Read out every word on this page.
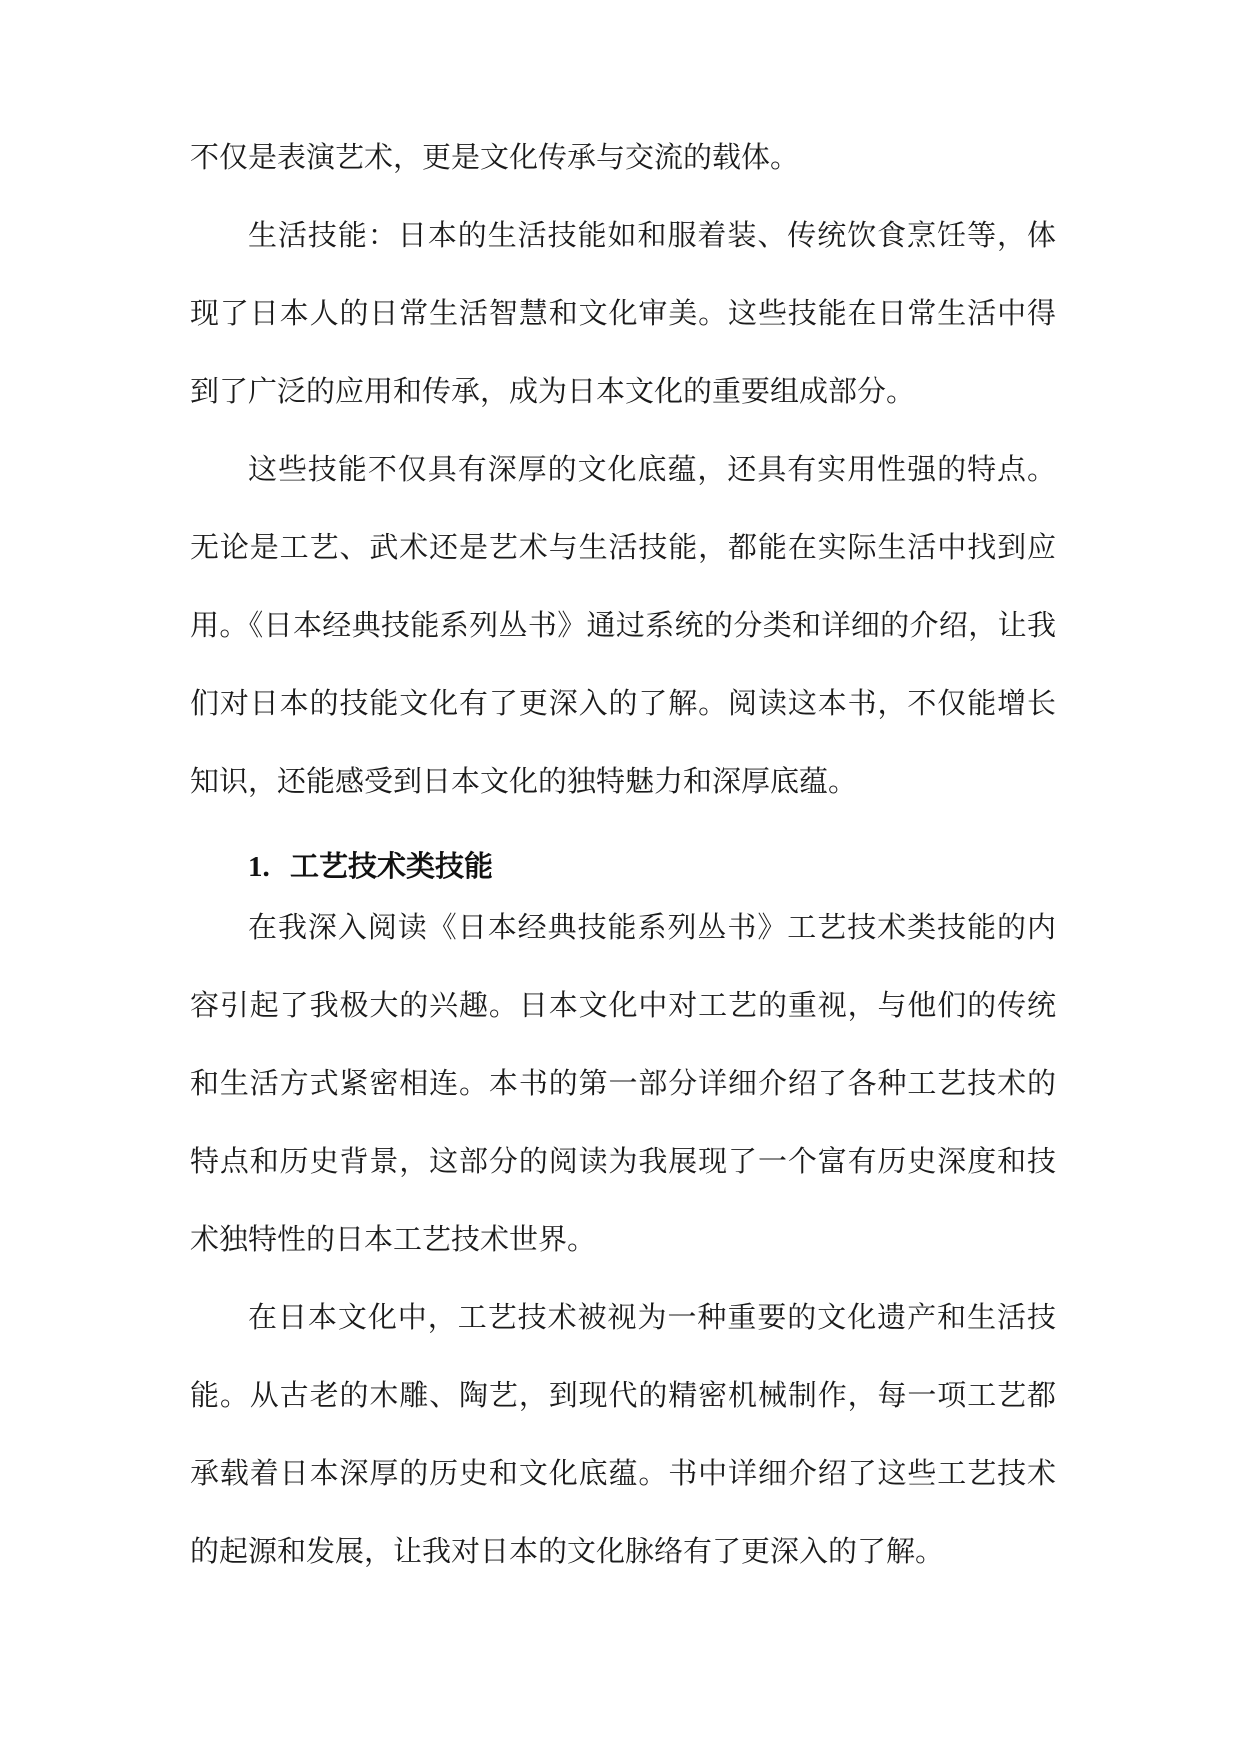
不仅是表演艺术，更是文化传承与交流的载体。

生活技能：日本的生活技能如和服着装、传统饮食烹饪等，体现了日本人的日常生活智慧和文化审美。这些技能在日常生活中得到了广泛的应用和传承，成为日本文化的重要组成部分。

这些技能不仅具有深厚的文化底蕴，还具有实用性强的特点。无论是工艺、武术还是艺术与生活技能，都能在实际生活中找到应用。《日本经典技能系列丛书》通过系统的分类和详细的介绍，让我们对日本的技能文化有了更深入的了解。阅读这本书，不仅能增长知识，还能感受到日本文化的独特魅力和深厚底蕴。

1. 工艺技术类技能

在我深入阅读《日本经典技能系列丛书》工艺技术类技能的内容引起了我极大的兴趣。日本文化中对工艺的重视，与他们的传统和生活方式紧密相连。本书的第一部分详细介绍了各种工艺技术的特点和历史背景，这部分的阅读为我展现了一个富有历史深度和技术独特性的日本工艺技术世界。

在日本文化中，工艺技术被视为一种重要的文化遗产和生活技能。从古老的木雕、陶艺，到现代的精密机械制作，每一项工艺都承载着日本深厚的历史和文化底蕴。书中详细介绍了这些工艺技术的起源和发展，让我对日本的文化脉络有了更深入的了解。
